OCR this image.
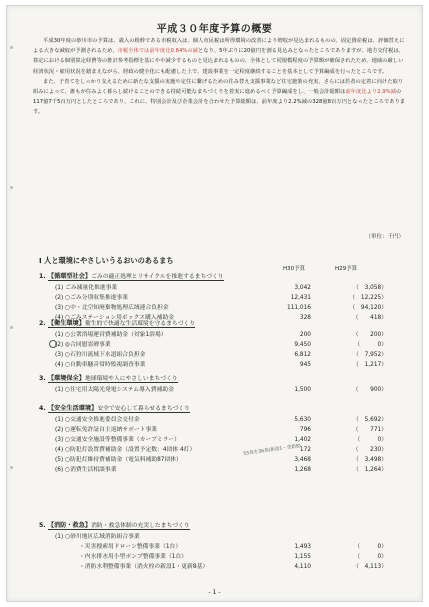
平成３０年度予算の概要

平成30年度の砂川市の予算は、歳入の根幹である市税収入は、個人市民税は所得環境の改善により増収が見込まれるものの、固定資産税は、評価替えによる大きな減収が予測されるため、市税全体では前年度比0.64%の減となり、5年ぶりに20億円を割る見込みとなったところでありますが、地方交付税は、算定における個別算定経費等の推計参考指標を基にやや減少するものと見込まれるものの、全体として同規模程度の予算額が確保されたため、地域の厳しい経済状況・雇用状況を踏まえながら、財政の健全化にも配慮した上で、建設事業を一定程度継続することを基本として予算編成を行ったところです。

また、子育てをしっかり支えるために新たな支援の実施や定住に繋げるための住み替え支援事業など住宅施策の充実、さらには若者の定着に向けた取り組みによって、誰もが住みよく暮らし続けることのできる持続可能なまちづくりを着実に進めるべく予算編成をし、一般会計総額は前年度比より2.9%減の117億7千5百万円としたところであり、これに、特別会計及び企業会計を合わせた予算総額は、前年度より2.2%減の328億8百万円となったところであります。

（単位：千円）
Ⅰ 人と環境にやさしいうるおいのあるまち
H30予算	H29予算
55基を36基(新設1・更新8)
- 1 -
1. 【循環型社会】ごみの適正処理とリサイクルを推進するまちづくり
(1) ごみ減量化推進事業	3,042	（　3,058）
(2) ○ごみ分別収集推進事業	12,431	（　12,225）
(3) ○中・北空知廃棄物処理広域連合負担金	111,016	（　94,120）
(4) ○ごみステーション用ボックス購入補助金	328	（　　418）
2. 【衛生環境】衛生的で快適な生活環境を守るまちづくり
(1) ○公衆浴場運営費補助金（対象1浴場）	200	（　　200）
(2) ◎合同慰霊碑事業	9,450	（　　　0）
(3) ○石狩川流域下水道組合負担金	6,812	（　7,952）
(4) ○自動車騒音常時監視調査事業	945	（　1,217）
3. 【環境保全】地球環境や人にやさしいまちづくり
(1) ○住宅用太陽光発電システム導入費補助金	1,500	（　　900）
4. 【安全生活環境】安全で安心して暮らせるまちづくり
(1) ○交通安全推進委員会交付金	5,630	（　5,692）
(2) ○運転免許証自主返納サポート事業	796	（　　771）
(3) ○交通安全施設等整備事業（カーブミラー）	1,402	（　　　0）
(4) ○防犯灯設置費補助金（設置予定数：4団体 4灯）	172	（　　230）
(5) ○防犯灯維持費補助金（電気料補助87団体）	3,468	（　3,498）
(6) ○消費生活相談事業	1,268	（　1,264）
5. 【消防・救急】消防・救急体制の充実したまちづくり
(1) ○砂川地区広域消防組合事業
・災害捜索用ドローン整備事業（1台）	1,493	（　　　0）
・内水排水用小型ポンプ整備事業（1台）	1,155	（　　　0）
・消防水利整備事業（消火栓の新設1・更新8基）	4,110	（　4,113）
